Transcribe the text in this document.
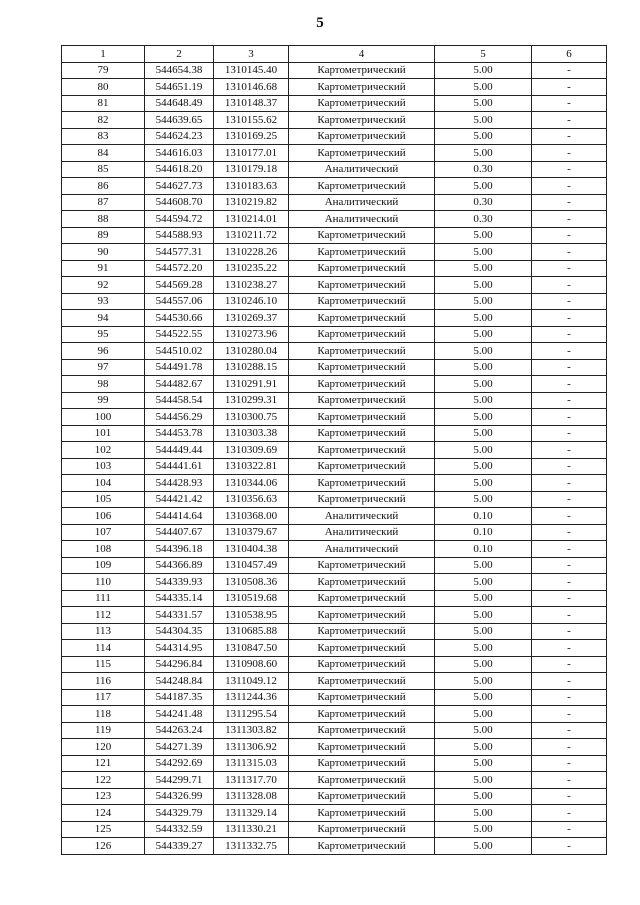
5
1	2	3	4	5	6
79	544654.38	1310145.40	Картометрический	5.00	-
80	544651.19	1310146.68	Картометрический	5.00	-
81	544648.49	1310148.37	Картометрический	5.00	-
82	544639.65	1310155.62	Картометрический	5.00	-
83	544624.23	1310169.25	Картометрический	5.00	-
84	544616.03	1310177.01	Картометрический	5.00	-
85	544618.20	1310179.18	Аналитический	0.30	-
86	544627.73	1310183.63	Картометрический	5.00	-
87	544608.70	1310219.82	Аналитический	0.30	-
88	544594.72	1310214.01	Аналитический	0.30	-
89	544588.93	1310211.72	Картометрический	5.00	-
90	544577.31	1310228.26	Картометрический	5.00	-
91	544572.20	1310235.22	Картометрический	5.00	-
92	544569.28	1310238.27	Картометрический	5.00	-
93	544557.06	1310246.10	Картометрический	5.00	-
94	544530.66	1310269.37	Картометрический	5.00	-
95	544522.55	1310273.96	Картометрический	5.00	-
96	544510.02	1310280.04	Картометрический	5.00	-
97	544491.78	1310288.15	Картометрический	5.00	-
98	544482.67	1310291.91	Картометрический	5.00	-
99	544458.54	1310299.31	Картометрический	5.00	-
100	544456.29	1310300.75	Картометрический	5.00	-
101	544453.78	1310303.38	Картометрический	5.00	-
102	544449.44	1310309.69	Картометрический	5.00	-
103	544441.61	1310322.81	Картометрический	5.00	-
104	544428.93	1310344.06	Картометрический	5.00	-
105	544421.42	1310356.63	Картометрический	5.00	-
106	544414.64	1310368.00	Аналитический	0.10	-
107	544407.67	1310379.67	Аналитический	0.10	-
108	544396.18	1310404.38	Аналитический	0.10	-
109	544366.89	1310457.49	Картометрический	5.00	-
110	544339.93	1310508.36	Картометрический	5.00	-
111	544335.14	1310519.68	Картометрический	5.00	-
112	544331.57	1310538.95	Картометрический	5.00	-
113	544304.35	1310685.88	Картометрический	5.00	-
114	544314.95	1310847.50	Картометрический	5.00	-
115	544296.84	1310908.60	Картометрический	5.00	-
116	544248.84	1311049.12	Картометрический	5.00	-
117	544187.35	1311244.36	Картометрический	5.00	-
118	544241.48	1311295.54	Картометрический	5.00	-
119	544263.24	1311303.82	Картометрический	5.00	-
120	544271.39	1311306.92	Картометрический	5.00	-
121	544292.69	1311315.03	Картометрический	5.00	-
122	544299.71	1311317.70	Картометрический	5.00	-
123	544326.99	1311328.08	Картометрический	5.00	-
124	544329.79	1311329.14	Картометрический	5.00	-
125	544332.59	1311330.21	Картометрический	5.00	-
126	544339.27	1311332.75	Картометрический	5.00	-
